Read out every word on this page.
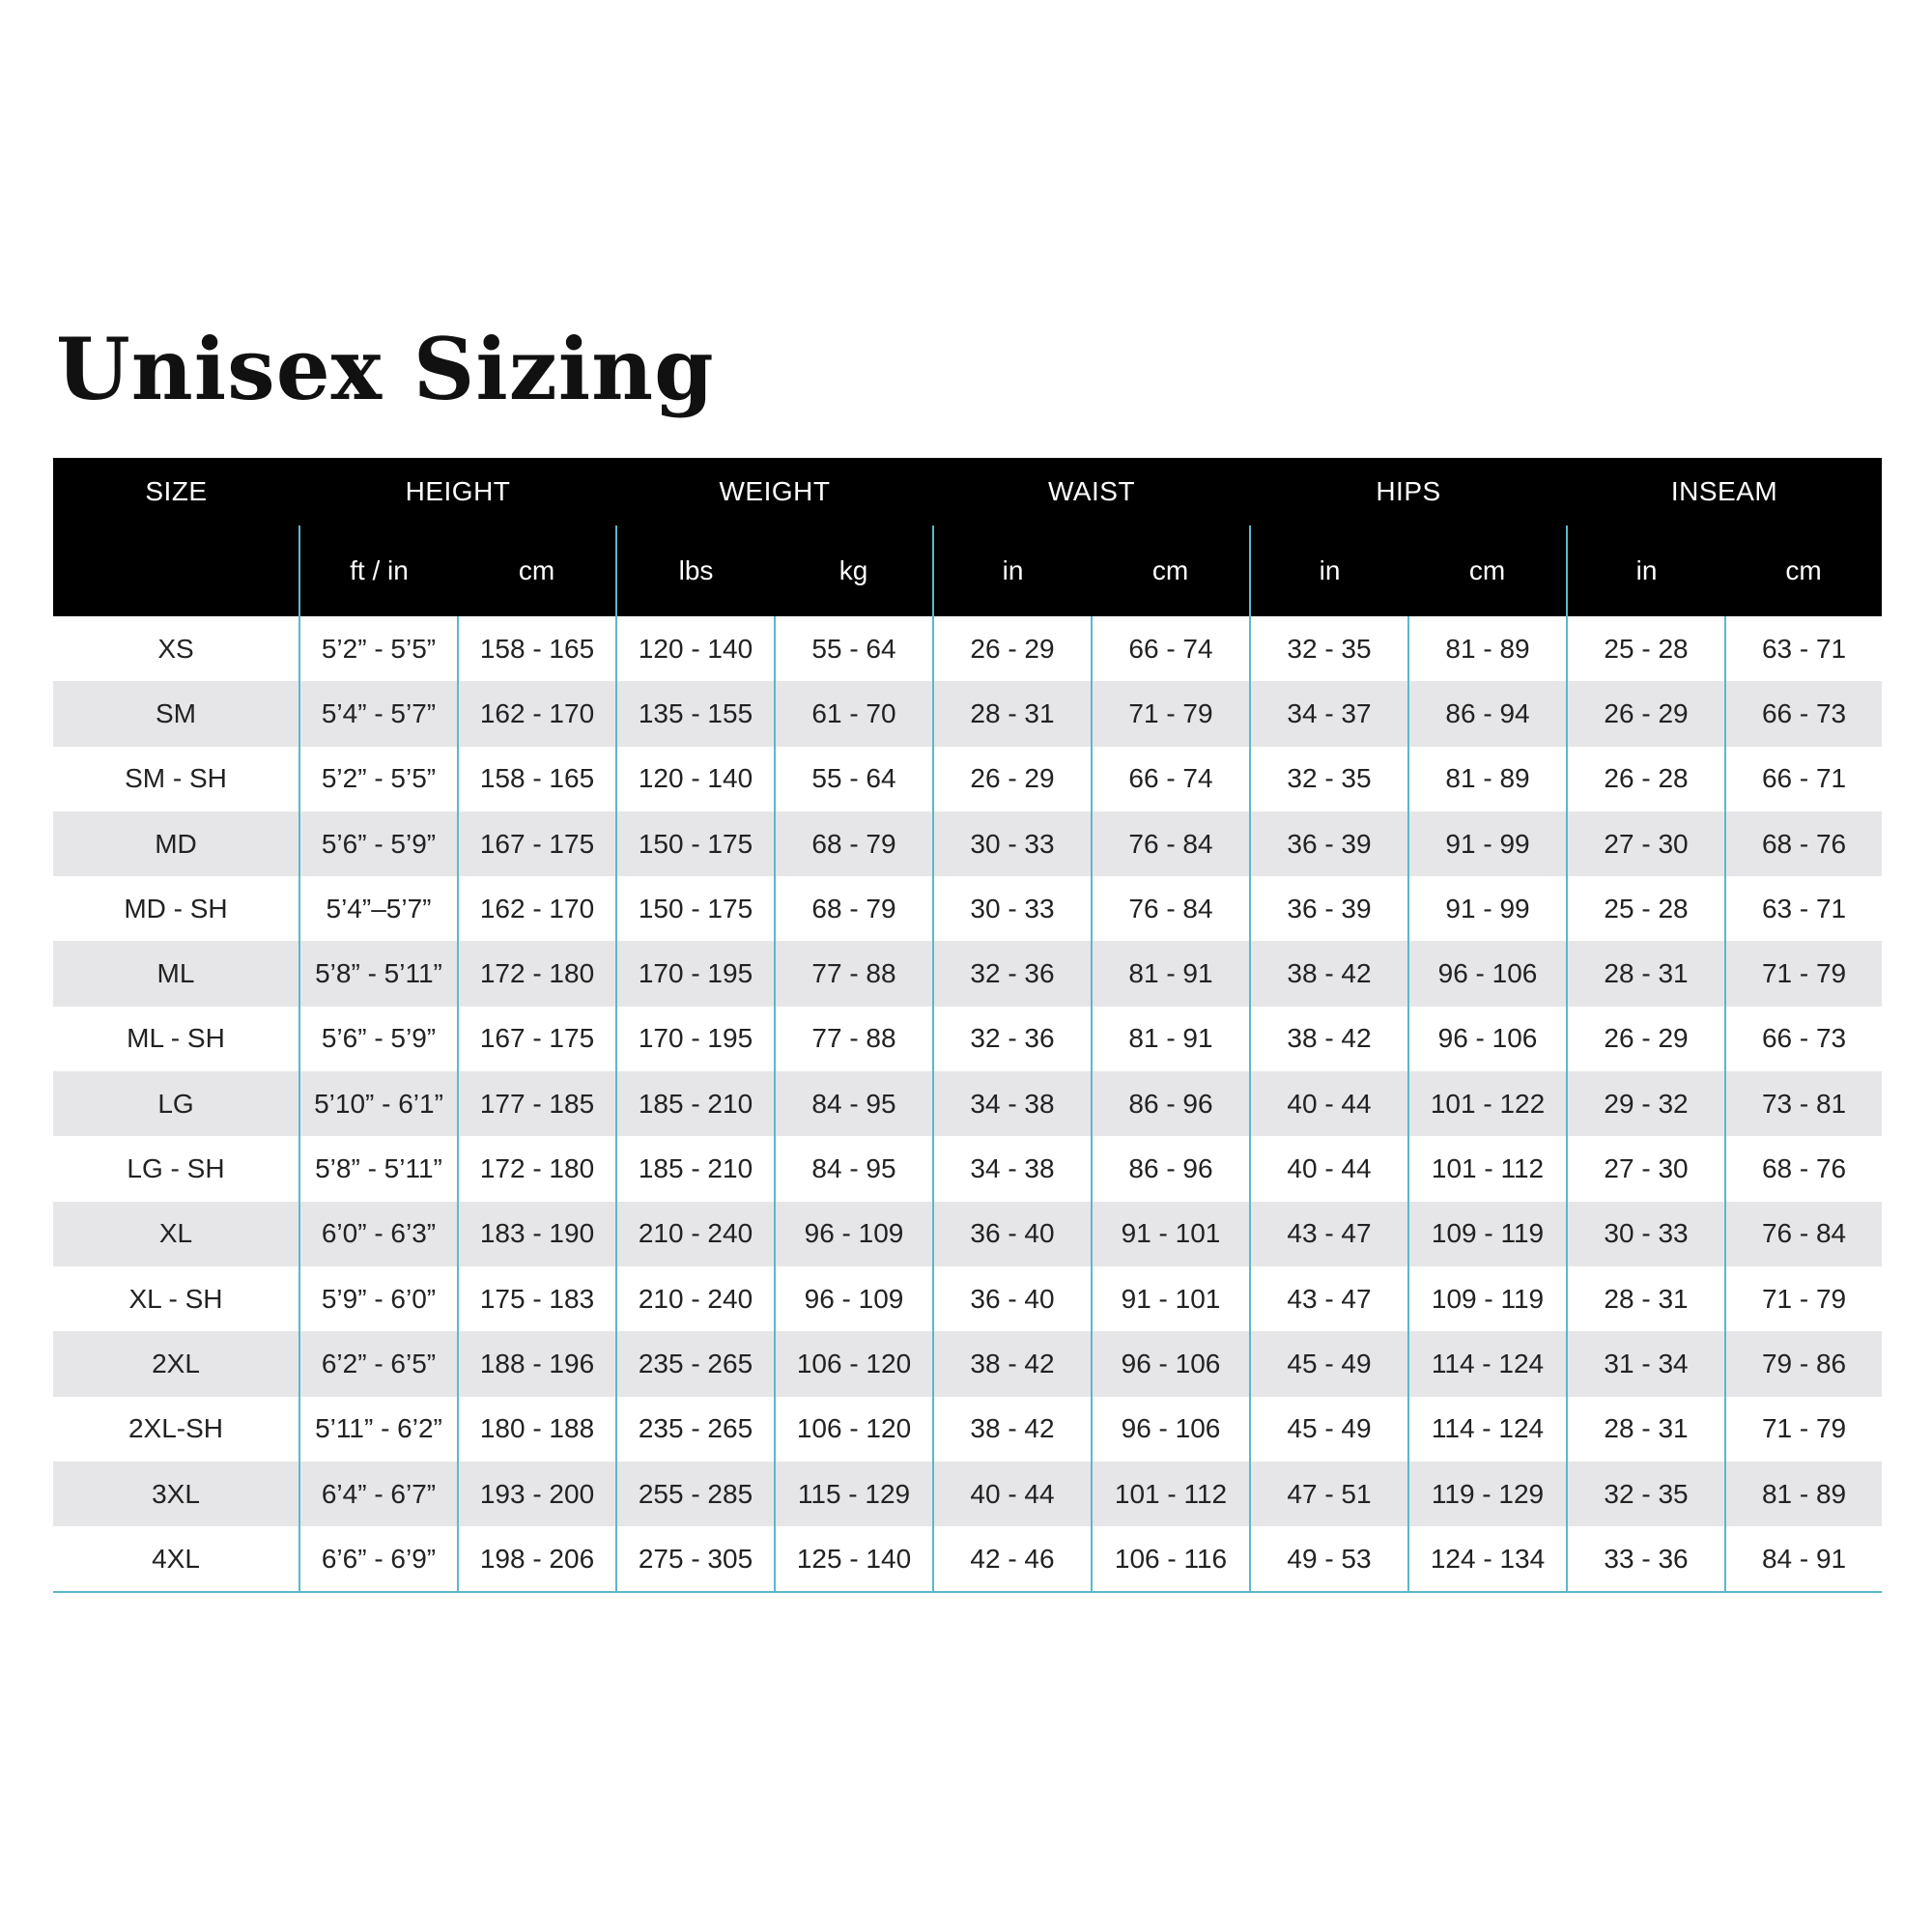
Unisex Sizing
SIZE	HEIGHT		WEIGHT		WAIST		HIPS		INSEAM	
	ft / in	cm	lbs	kg	in	cm	in	cm	in	cm
XS	5’2” - 5’5”	158 - 165	120 - 140	55 - 64	26 - 29	66 - 74	32 - 35	81 - 89	25 - 28	63 - 71
SM	5’4” - 5’7”	162 - 170	135 - 155	61 - 70	28 - 31	71 - 79	34 - 37	86 - 94	26 - 29	66 - 73
SM - SH	5’2” - 5’5”	158 - 165	120 - 140	55 - 64	26 - 29	66 - 74	32 - 35	81 - 89	26 - 28	66 - 71
MD	5’6” - 5’9”	167 - 175	150 - 175	68 - 79	30 - 33	76 - 84	36 - 39	91 - 99	27 - 30	68 - 76
MD - SH	5’4”–5’7”	162 - 170	150 - 175	68 - 79	30 - 33	76 - 84	36 - 39	91 - 99	25 - 28	63 - 71
ML	5’8” - 5’11”	172 - 180	170 - 195	77 - 88	32 - 36	81 - 91	38 - 42	96 - 106	28 - 31	71 - 79
ML - SH	5’6” - 5’9”	167 - 175	170 - 195	77 - 88	32 - 36	81 - 91	38 - 42	96 - 106	26 - 29	66 - 73
LG	5’10” - 6’1”	177 - 185	185 - 210	84 - 95	34 - 38	86 - 96	40 - 44	101 - 122	29 - 32	73 - 81
LG - SH	5’8” - 5’11”	172 - 180	185 - 210	84 - 95	34 - 38	86 - 96	40 - 44	101 - 112	27 - 30	68 - 76
XL	6’0” - 6’3”	183 - 190	210 - 240	96 - 109	36 - 40	91 - 101	43 - 47	109 - 119	30 - 33	76 - 84
XL - SH	5’9” - 6’0”	175 - 183	210 - 240	96 - 109	36 - 40	91 - 101	43 - 47	109 - 119	28 - 31	71 - 79
2XL	6’2” - 6’5”	188 - 196	235 - 265	106 - 120	38 - 42	96 - 106	45 - 49	114 - 124	31 - 34	79 - 86
2XL-SH	5’11” - 6’2”	180 - 188	235 - 265	106 - 120	38 - 42	96 - 106	45 - 49	114 - 124	28 - 31	71 - 79
3XL	6’4” - 6’7”	193 - 200	255 - 285	115 - 129	40 - 44	101 - 112	47 - 51	119 - 129	32 - 35	81 - 89
4XL	6’6” - 6’9”	198 - 206	275 - 305	125 - 140	42 - 46	106 - 116	49 - 53	124 - 134	33 - 36	84 - 91
